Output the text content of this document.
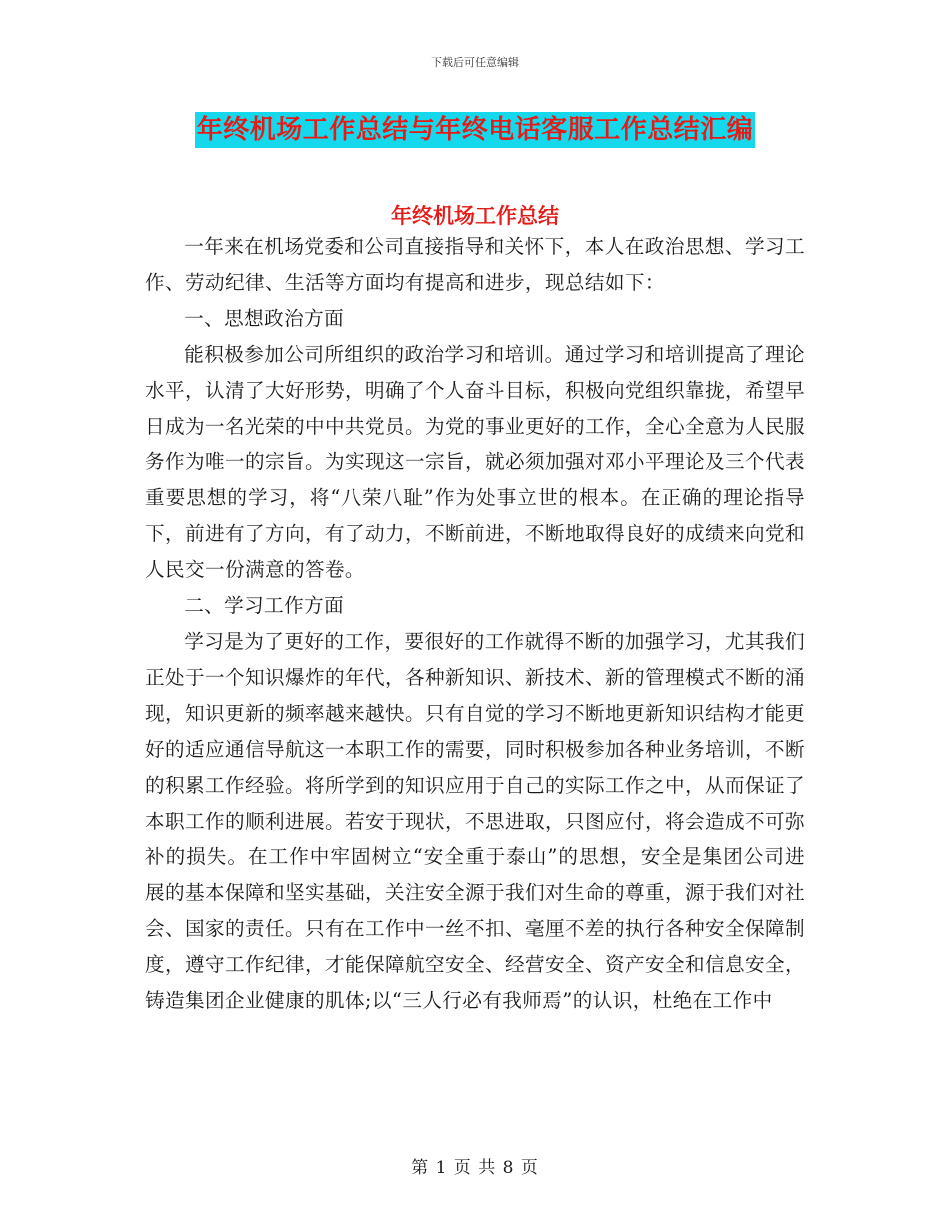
下载后可任意编辑
年终机场工作总结与年终电话客服工作总结汇编
年终机场工作总结

一年来在机场党委和公司直接指导和关怀下，本人在政治思想、学习工作、劳动纪律、生活等方面均有提高和进步，现总结如下：

一、思想政治方面

能积极参加公司所组织的政治学习和培训。通过学习和培训提高了理论水平，认清了大好形势，明确了个人奋斗目标，积极向党组织靠拢，希望早日成为一名光荣的中中共党员。为党的事业更好的工作，全心全意为人民服务作为唯一的宗旨。为实现这一宗旨，就必须加强对邓小平理论及三个代表重要思想的学习，将“八荣八耻”作为处事立世的根本。在正确的理论指导下，前进有了方向，有了动力，不断前进，不断地取得良好的成绩来向党和人民交一份满意的答卷。

二、学习工作方面

学习是为了更好的工作，要很好的工作就得不断的加强学习，尤其我们正处于一个知识爆炸的年代，各种新知识、新技术、新的管理模式不断的涌现，知识更新的频率越来越快。只有自觉的学习不断地更新知识结构才能更好的适应通信导航这一本职工作的需要，同时积极参加各种业务培训，不断的积累工作经验。将所学到的知识应用于自己的实际工作之中，从而保证了本职工作的顺利进展。若安于现状，不思进取，只图应付，将会造成不可弥补的损失。在工作中牢固树立“安全重于泰山”的思想，安全是集团公司进展的基本保障和坚实基础，关注安全源于我们对生命的尊重，源于我们对社会、国家的责任。只有在工作中一丝不扣、毫厘不差的执行各种安全保障制度，遵守工作纪律，才能保障航空安全、经营安全、资产安全和信息安全，铸造集团企业健康的肌体;以“三人行必有我师焉”的认识，杜绝在工作中

第 1 页 共 8 页
